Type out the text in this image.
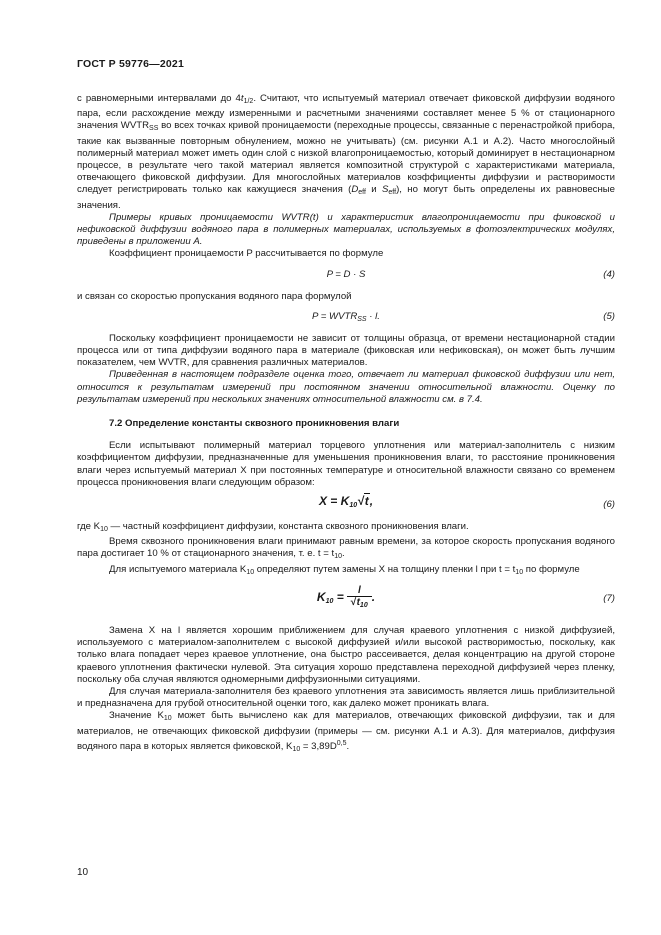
ГОСТ Р 59776—2021

с равномерными интервалами до $4t_{1/2}$. Считают, что испытуемый материал отвечает фиковской диффузии водяного пара, если расхождение между измеренными и расчетными значениями составляет менее 5 % от стационарного значения $WVTR_{SS}$ во всех точках кривой проницаемости (переходные процессы, связанные с перенастройкой прибора, такие как вызванные повторным обнулением, можно не учитывать) (см. рисунки А.1 и А.2). Часто многослойный полимерный материал может иметь один слой с низкой влагопроницаемостью, который доминирует в нестационарном процессе, в результате чего такой материал является композитной структурой с характеристиками материала, отвечающего фиковской диффузии. Для многослойных материалов коэффициенты диффузии и растворимости следует регистрировать только как кажущиеся значения ($D_{eff}$ и $S_{eff}$), но могут быть определены их равновесные значения.

Примеры кривых проницаемости WVTR(t) и характеристик влагопроницаемости при фиковской и нефиковской диффузии водяного пара в полимерных материалах, используемых в фотоэлектрических модулях, приведены в приложении А.

Коэффициент проницаемости P рассчитывается по формуле

P = D · S	(4)

и связан со скоростью пропускания водяного пара формулой

$P = WVTR_{SS} \cdot l$.	(5)

Поскольку коэффициент проницаемости не зависит от толщины образца, от времени нестационарной стадии процесса или от типа диффузии водяного пара в материале (фиковская или нефиковская), он может быть лучшим показателем, чем WVTR, для сравнения различных материалов.

Приведенная в настоящем подразделе оценка того, отвечает ли материал фиковской диффузии или нет, относится к результатам измерений при постоянном значении относительной влажности. Оценку по результатам измерений при нескольких значениях относительной влажности см. в 7.4.

7.2 Определение константы сквозного проникновения влаги

Если испытывают полимерный материал торцевого уплотнения или материал-заполнитель с низким коэффициентом диффузии, предназначенные для уменьшения проникновения влаги, то расстояние проникновения влаги через испытуемый материал X при постоянных температуре и относительной влажности связано со временем процесса проникновения влаги следующим образом:

$X = K_{10}√t$,	(6)

где $K_{10}$ — частный коэффициент диффузии, константа сквозного проникновения влаги.

Время сквозного проникновения влаги принимают равным времени, за которое скорость пропускания водяного пара достигает 10 % от стационарного значения, т. е. $t = t_{10}$.

Для испытуемого материала $K_{10}$ определяют путем замены X на толщину пленки l при $t = t_{10}$ по формуле

$K_{10} = \frac{l}{√t_{10}}$ .	(7)

Замена X на l является хорошим приближением для случая краевого уплотнения с низкой диффузией, используемого с материалом-заполнителем с высокой диффузией и/или высокой растворимостью, поскольку, как только влага попадает через краевое уплотнение, она быстро рассеивается, делая концентрацию на другой стороне краевого уплотнения фактически нулевой. Эта ситуация хорошо представлена переходной диффузией через пленку, поскольку оба случая являются одномерными диффузионными ситуациями.

Для случая материала-заполнителя без краевого уплотнения эта зависимость является лишь приблизительной и предназначена для грубой относительной оценки того, как далеко может проникать влага.

Значение $K_{10}$ может быть вычислено как для материалов, отвечающих фиковской диффузии, так и для материалов, не отвечающих фиковской диффузии (примеры — см. рисунки А.1 и А.3). Для материалов, диффузия водяного пара в которых является фиковской, $K_{10} = 3,89D^{0,5}$.

10
